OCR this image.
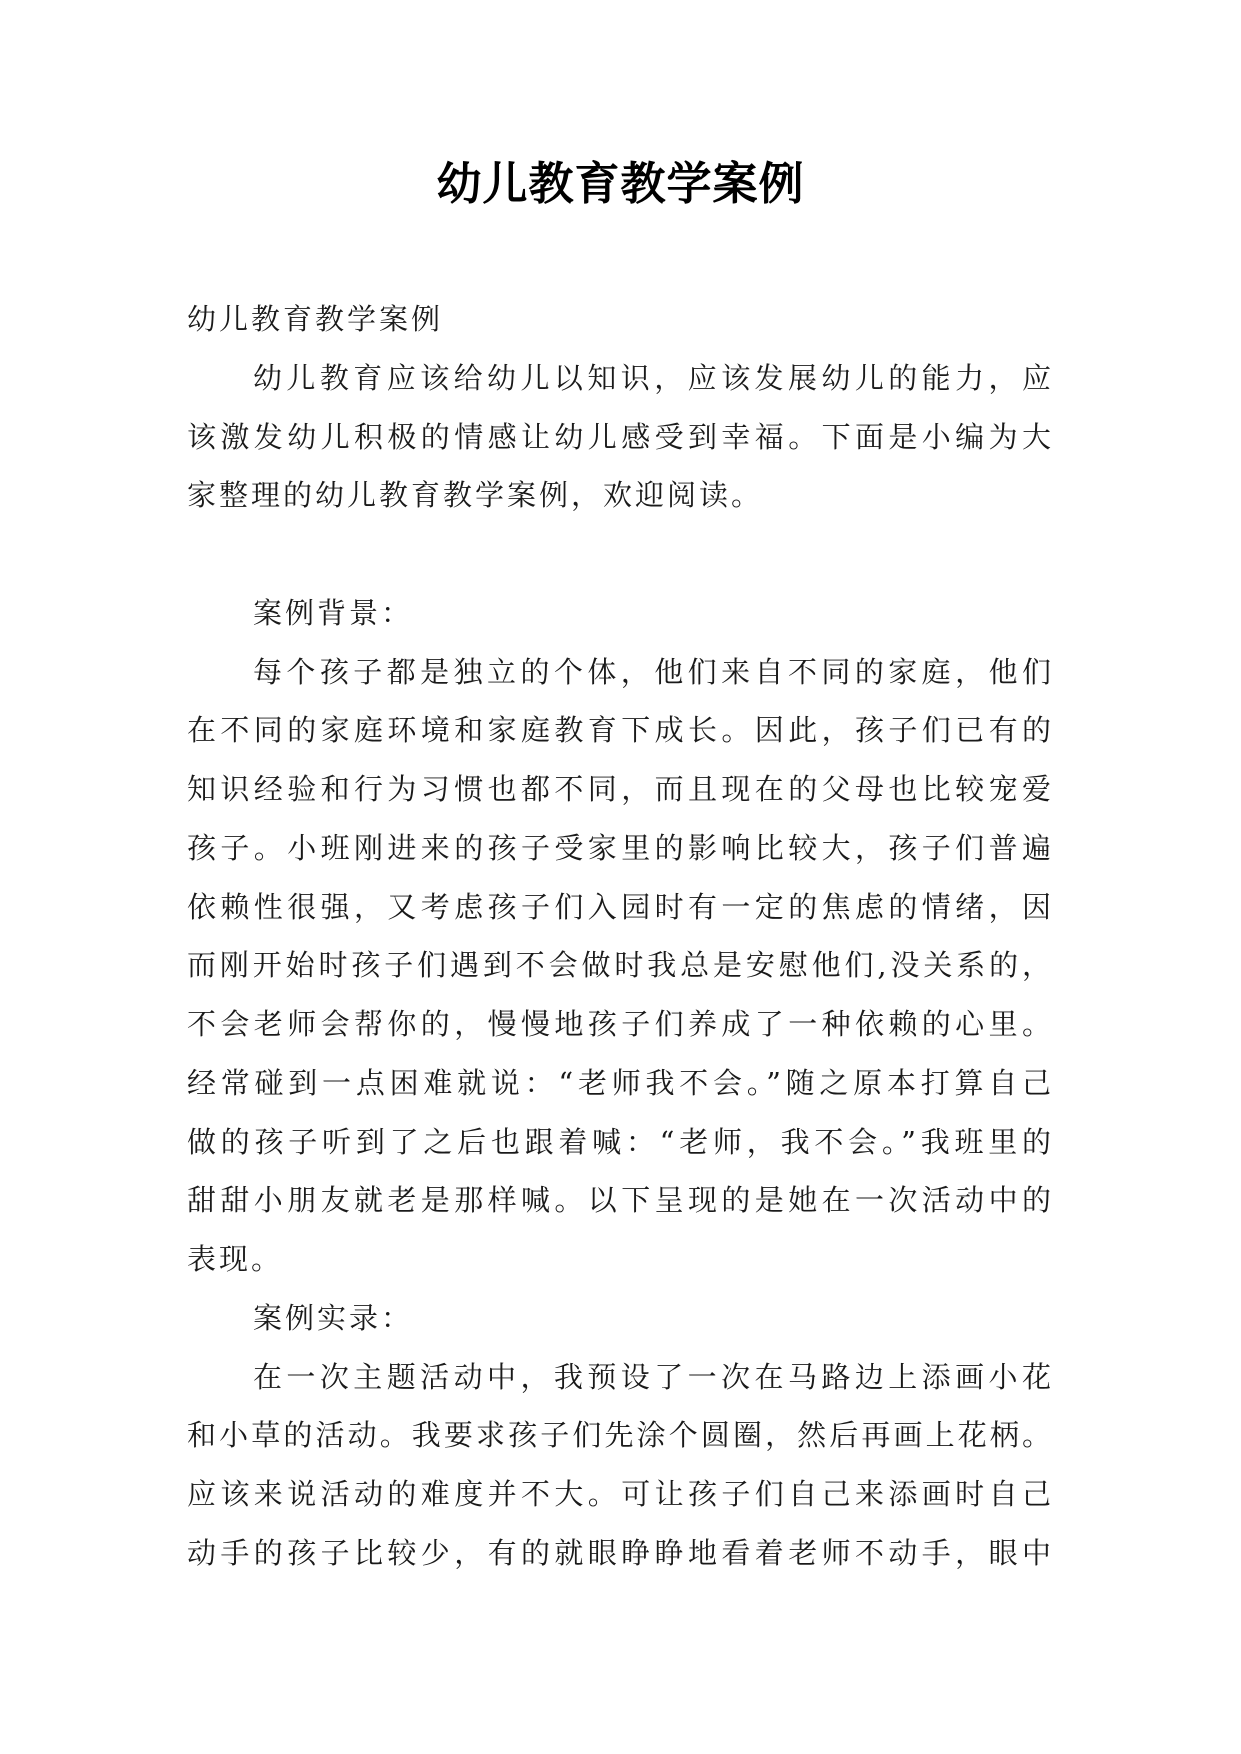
幼儿教育教学案例
幼儿教育教学案例
幼儿教育应该给幼儿以知识，应该发展幼儿的能力，应
该激发幼儿积极的情感让幼儿感受到幸福。下面是小编为大
家整理的幼儿教育教学案例，欢迎阅读。
案例背景：
每个孩子都是独立的个体，他们来自不同的家庭，他们
在不同的家庭环境和家庭教育下成长。因此，孩子们已有的
知识经验和行为习惯也都不同，而且现在的父母也比较宠爱
孩子。小班刚进来的孩子受家里的影响比较大，孩子们普遍
依赖性很强，又考虑孩子们入园时有一定的焦虑的情绪，因
而刚开始时孩子们遇到不会做时我总是安慰他们,没关系的，
不会老师会帮你的，慢慢地孩子们养成了一种依赖的心里。
经常碰到一点困难就说：“老师我不会。”随之原本打算自己
做的孩子听到了之后也跟着喊：“老师，我不会。”我班里的
甜甜小朋友就老是那样喊。以下呈现的是她在一次活动中的
表现。
案例实录：
在一次主题活动中，我预设了一次在马路边上添画小花
和小草的活动。我要求孩子们先涂个圆圈，然后再画上花柄。
应该来说活动的难度并不大。可让孩子们自己来添画时自己
动手的孩子比较少，有的就眼睁睁地看着老师不动手，眼中
